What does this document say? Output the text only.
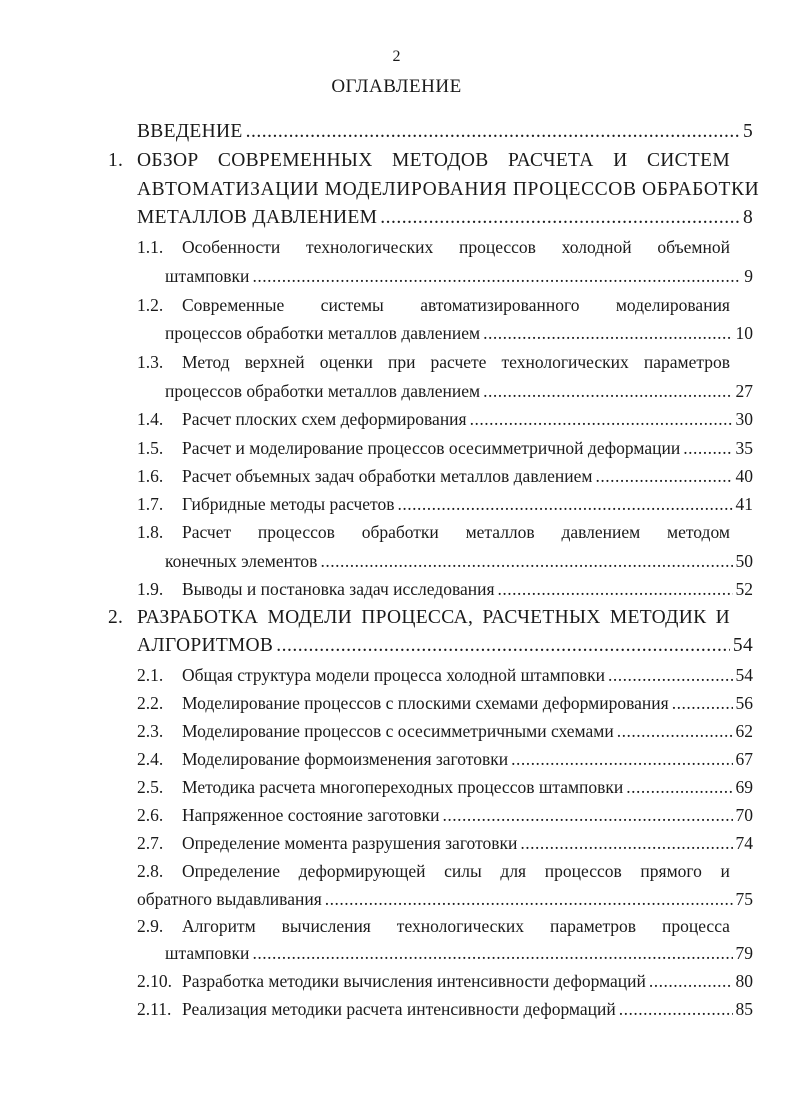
2
ОГЛАВЛЕНИЕ
ВВЕДЕНИЕ .....	5
1. ОБЗОР СОВРЕМЕННЫХ МЕТОДОВ РАСЧЕТА И СИСТЕМ
АВТОМАТИЗАЦИИ МОДЕЛИРОВАНИЯ ПРОЦЕССОВ ОБРАБОТКИ
МЕТАЛЛОВ ДАВЛЕНИЕМ .....	8
1.1. Особенности технологических процессов холодной объемной
штамповки .....	9
1.2. Современные системы автоматизированного моделирования
процессов обработки металлов давлением .....	10
1.3. Метод верхней оценки при расчете технологических параметров
процессов обработки металлов давлением .....	27
1.4. Расчет плоских схем деформирования .....	30
1.5. Расчет и моделирование процессов осесимметричной деформации .....	35
1.6. Расчет объемных задач обработки металлов давлением .....	40
1.7. Гибридные методы расчетов .....	41
1.8. Расчет процессов обработки металлов давлением методом
конечных элементов .....	50
1.9. Выводы и постановка задач исследования .....	52
2. РАЗРАБОТКА МОДЕЛИ ПРОЦЕССА, РАСЧЕТНЫХ МЕТОДИК И
АЛГОРИТМОВ .....	54
2.1. Общая структура модели процесса холодной штамповки .....	54
2.2. Моделирование процессов с плоскими схемами деформирования .....	56
2.3. Моделирование процессов с осесимметричными схемами .....	62
2.4. Моделирование формоизменения заготовки .....	67
2.5. Методика расчета многопереходных процессов штамповки .....	69
2.6. Напряженное состояние заготовки .....	70
2.7. Определение момента разрушения заготовки .....	74
2.8. Определение деформирующей силы для процессов прямого и
обратного выдавливания .....	75
2.9. Алгоритм вычисления технологических параметров процесса
штамповки .....	79
2.10. Разработка методики вычисления интенсивности деформаций .....	80
2.11. Реализация методики расчета интенсивности деформаций .....	85
